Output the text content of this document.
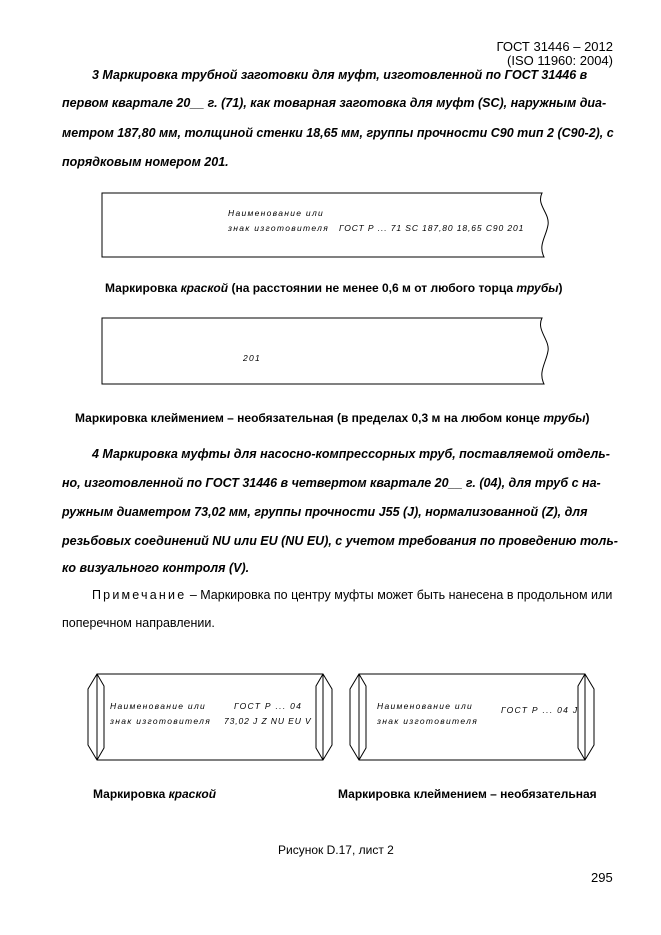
ГОСТ 31446 – 2012
(ISO 11960: 2004)
3 Маркировка трубной заготовки для муфт, изготовленной по ГОСТ 31446 в
первом квартале 20__ г. (71), как товарная заготовка для муфт (SC), наружным диа-
метром 187,80 мм, толщиной стенки 18,65 мм, группы прочности С90 тип 2 (С90-2), с
порядковым номером 201.
Наименование или
знак изготовителя ГОСТ Р ... 71 SC 187,80 18,65 C90 201
Маркировка краской (на расстоянии не менее 0,6 м от любого торца трубы)
201
Маркировка клеймением – необязательная (в пределах 0,3 м на любом конце трубы)
4 Маркировка муфты для насосно-компрессорных труб, поставляемой отдель-
но, изготовленной по ГОСТ 31446 в четвертом квартале 20__ г. (04), для труб с на-
ружным диаметром 73,02 мм, группы прочности J55 (J), нормализованной (Z), для
резьбовых соединений NU или EU (NU EU), с учетом требования по проведению толь-
ко визуального контроля (V).
Примечание – Маркировка по центру муфты может быть нанесена в продольном или
поперечном направлении.
Наименование или
знак изготовителя
ГОСТ Р ... 04
73,02 J Z NU EU V
Наименование или
знак изготовителя
ГОСТ Р ... 04 J
Маркировка краской	Маркировка клеймением – необязательная
Рисунок D.17, лист 2
295
